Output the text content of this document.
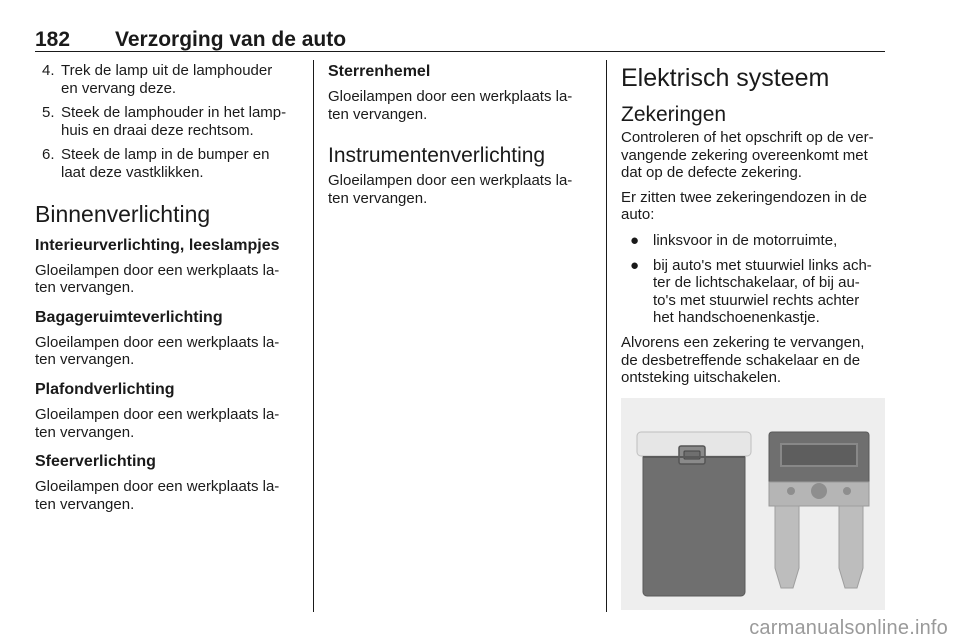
182 Verzorging van de auto
4. Trek de lamp uit de lamphouder
en vervang deze.
5. Steek de lamphouder in het lamp-
huis en draai deze rechtsom.
6. Steek de lamp in de bumper en
laat deze vastklikken.
Binnenverlichting
Interieurverlichting, leeslampjes

Gloeilampen door een werkplaats la-
ten vervangen.

Bagageruimteverlichting

Gloeilampen door een werkplaats la-
ten vervangen.

Plafondverlichting

Gloeilampen door een werkplaats la-
ten vervangen.

Sfeerverlichting

Gloeilampen door een werkplaats la-
ten vervangen.

Sterrenhemel

Gloeilampen door een werkplaats la-
ten vervangen.

Instrumentenverlichting

Gloeilampen door een werkplaats la-
ten vervangen.

Elektrisch systeem
Zekeringen

Controleren of het opschrift op de ver-
vangende zekering overeenkomt met
dat op de defecte zekering.

Er zitten twee zekeringendozen in de
auto:

● linksvoor in de motorruimte,
● bij auto's met stuurwiel links ach-
ter de lichtschakelaar, of bij au-
to's met stuurwiel rechts achter
het handschoenenkastje.

Alvorens een zekering te vervangen,
de desbetreffende schakelaar en de
ontsteking uitschakelen.

carmanualsonline.info
